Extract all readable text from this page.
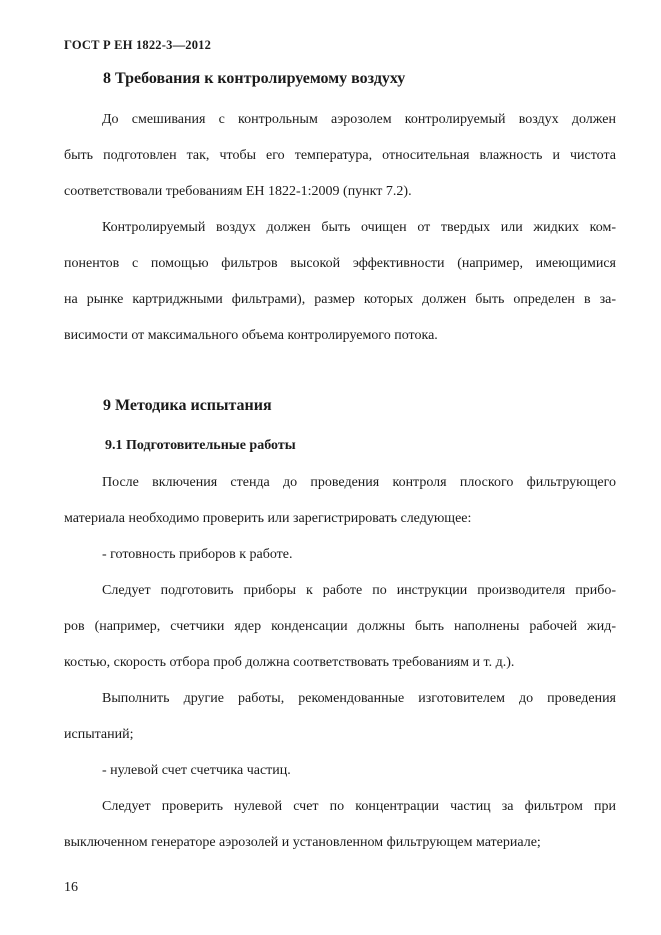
ГОСТ Р ЕН 1822-3—2012
8 Требования к контролируемому воздуху
До смешивания с контрольным аэрозолем контролируемый воздух должен
быть подготовлен так, чтобы его температура, относительная влажность и чистота
соответствовали требованиям ЕН 1822-1:2009 (пункт 7.2).
Контролируемый воздух должен быть очищен от твердых или жидких ком-
понентов с помощью фильтров высокой эффективности (например, имеющимися
на рынке картриджными фильтрами), размер которых должен быть определен в за-
висимости от максимального объема контролируемого потока.
9 Методика испытания
9.1 Подготовительные работы
После включения стенда до проведения контроля плоского фильтрующего
материала необходимо проверить или зарегистрировать следующее:
- готовность приборов к работе.
Следует подготовить приборы к работе по инструкции производителя прибо-
ров (например, счетчики ядер конденсации должны быть наполнены рабочей жид-
костью, скорость отбора проб должна соответствовать требованиям и т. д.).
Выполнить другие работы, рекомендованные изготовителем до проведения
испытаний;
- нулевой счет счетчика частиц.
Следует проверить нулевой счет по концентрации частиц за фильтром при
выключенном генераторе аэрозолей и установленном фильтрующем материале;
16
